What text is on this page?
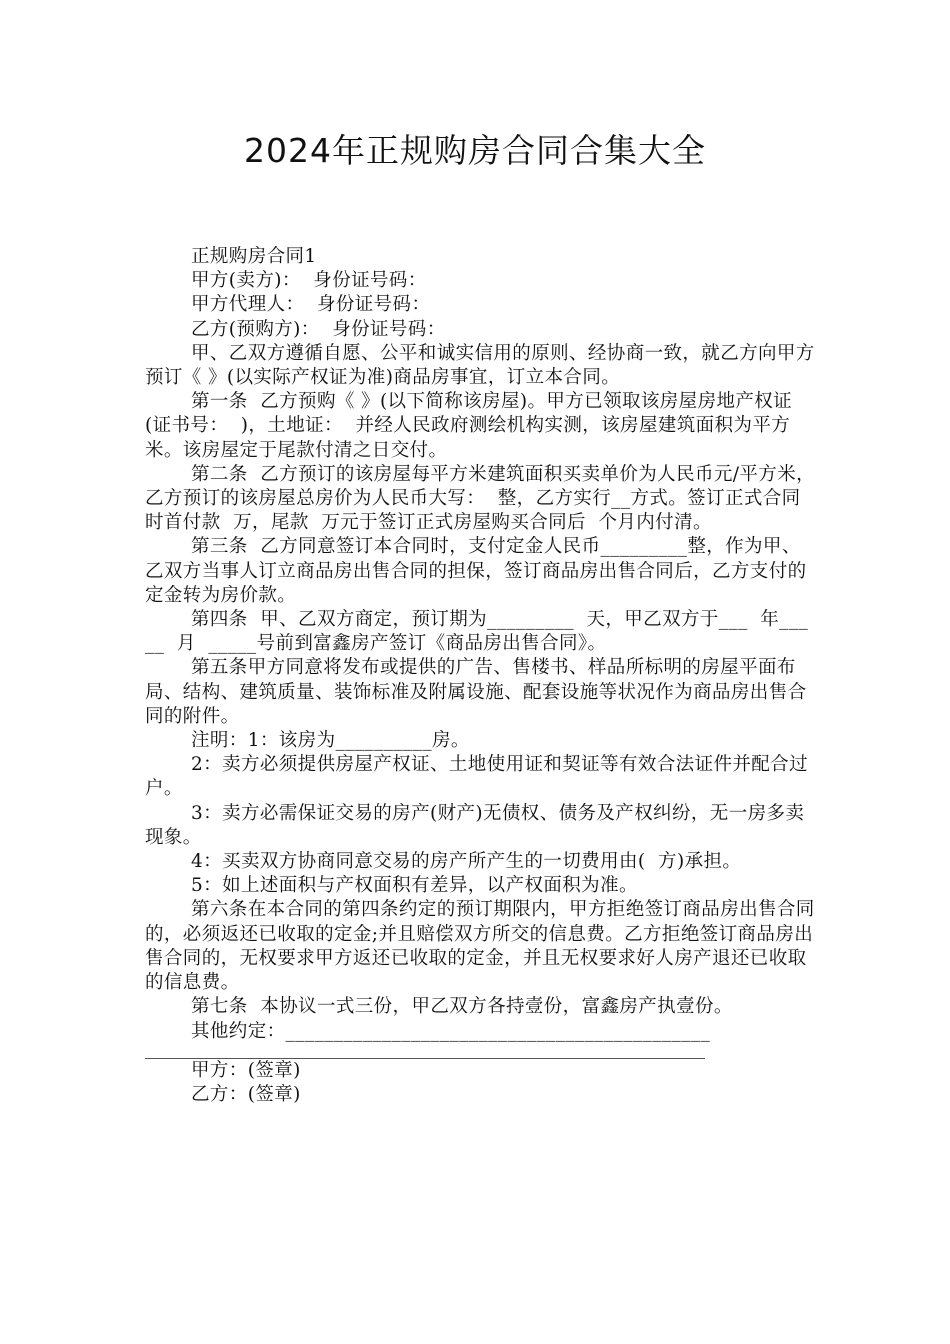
2024年正规购房合同合集大全

正规购房合同1

甲方(卖方)：  身份证号码：

甲方代理人：  身份证号码：

乙方(预购方)：  身份证号码：

甲、乙双方遵循自愿、公平和诚实信用的原则、经协商一致，就乙方向甲方预订《 》(以实际产权证为准)商品房事宜，订立本合同。

第一条  乙方预购《 》(以下简称该房屋)。甲方已领取该房屋房地产权证 (证书号：  )，土地证：  并经人民政府测绘机构实测，该房屋建筑面积为平方米。该房屋定于尾款付清之日交付。

第二条  乙方预订的该房屋每平方米建筑面积买卖单价为人民币元/平方米，乙方预订的该房屋总房价为人民币大写：  整，乙方实行__方式。签订正式合同时首付款  万，尾款  万元于签订正式房屋购买合同后  个月内付清。

第三条  乙方同意签订本合同时，支付定金人民币_________整，作为甲、乙双方当事人订立商品房出售合同的担保，签订商品房出售合同后，乙方支付的定金转为房价款。

第四条  甲、乙双方商定，预订期为_________  天，甲乙双方于___  年_____  月  _____号前到富鑫房产签订《商品房出售合同》。

第五条甲方同意将发布或提供的广告、售楼书、样品所标明的房屋平面布局、结构、建筑质量、装饰标准及附属设施、配套设施等状况作为商品房出售合同的附件。

注明：1：该房为__________房。

2：卖方必须提供房屋产权证、土地使用证和契证等有效合法证件并配合过户。

3：卖方必需保证交易的房产(财产)无债权、债务及产权纠纷，无一房多卖现象。

4：买卖双方协商同意交易的房产所产生的一切费用由(  方)承担。

5：如上述面积与产权面积有差异，以产权面积为准。

第六条在本合同的第四条约定的预订期限内，甲方拒绝签订商品房出售合同的，必须返还已收取的定金;并且赔偿双方所交的信息费。乙方拒绝签订商品房出售合同的，无权要求甲方返还已收取的定金，并且无权要求好人房产退还已收取的信息费。

第七条  本协议一式三份，甲乙双方各持壹份，富鑫房产执壹份。

其他约定：____________________________________________

甲方：(签章)

乙方：(签章)
